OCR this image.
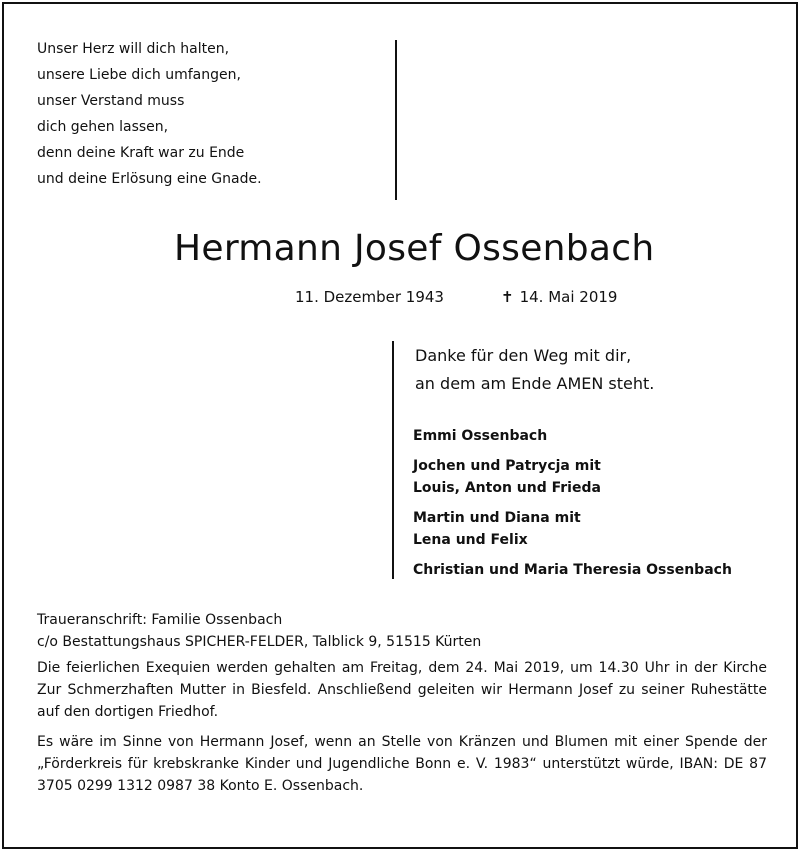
Unser Herz will dich halten,
unsere Liebe dich umfangen,
unser Verstand muss
dich gehen lassen,
denn deine Kraft war zu Ende
und deine Erlösung eine Gnade.
Hermann Josef Ossenbach
11. Dezember 1943	✝ 14. Mai 2019
Danke für den Weg mit dir,
an dem am Ende AMEN steht.
Emmi Ossenbach
Jochen und Patrycja mit
Louis, Anton und Frieda
Martin und Diana mit
Lena und Felix
Christian und Maria Theresia Ossenbach
Traueranschrift: Familie Ossenbach
c/o Bestattungshaus SPICHER-FELDER, Talblick 9, 51515 Kürten

Die feierlichen Exequien werden gehalten am Freitag, dem 24. Mai 2019, um 14.30 Uhr in der Kirche Zur Schmerzhaften Mutter in Biesfeld. Anschließend geleiten wir Hermann Josef zu seiner Ruhestätte auf den dortigen Friedhof.

Es wäre im Sinne von Hermann Josef, wenn an Stelle von Kränzen und Blumen mit einer Spende der „Förderkreis für krebskranke Kinder und Jugendliche Bonn e. V. 1983“ unterstützt würde, IBAN: DE 87 3705 0299 1312 0987 38 Konto E. Ossenbach.
